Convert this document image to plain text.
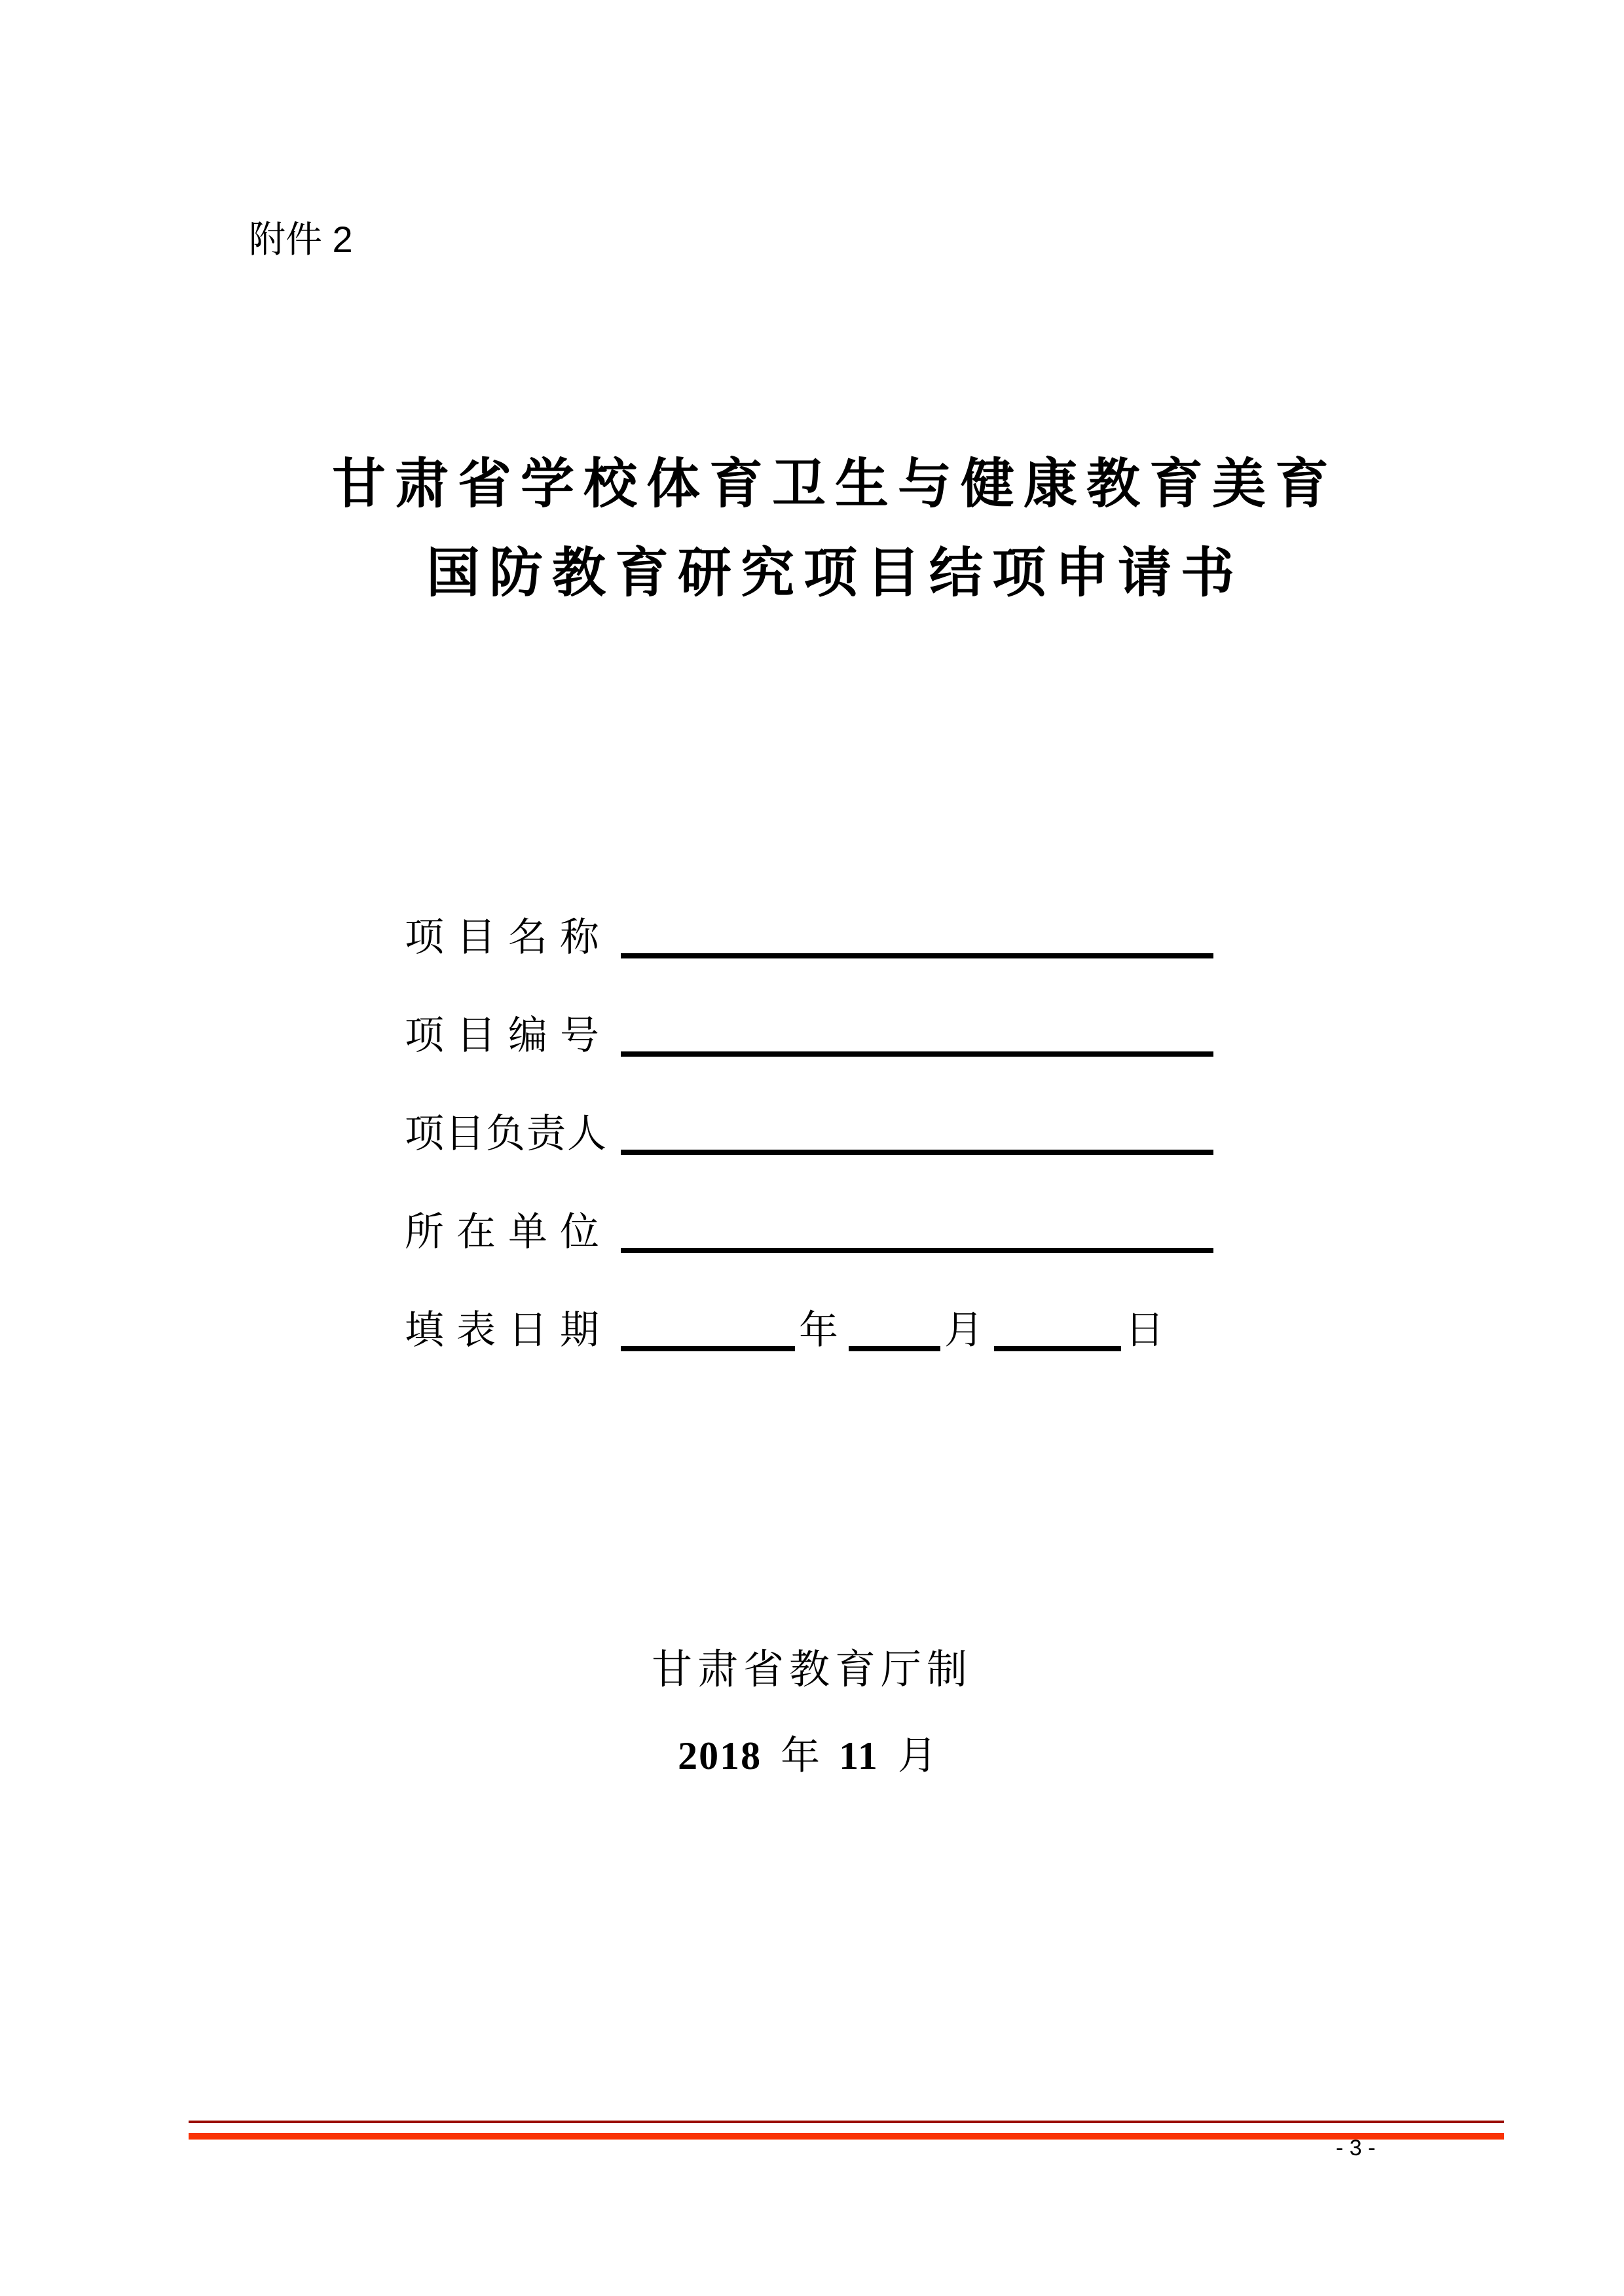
附件 2
甘肃省学校体育卫生与健康教育美育
国防教育研究项目结项申请书
项 目 名 称
项 目 编 号
项目负责人
所 在 单 位
填 表 日 期	年	月	日
甘肃省教育厅制
2018 年 11 月
- 3 -
